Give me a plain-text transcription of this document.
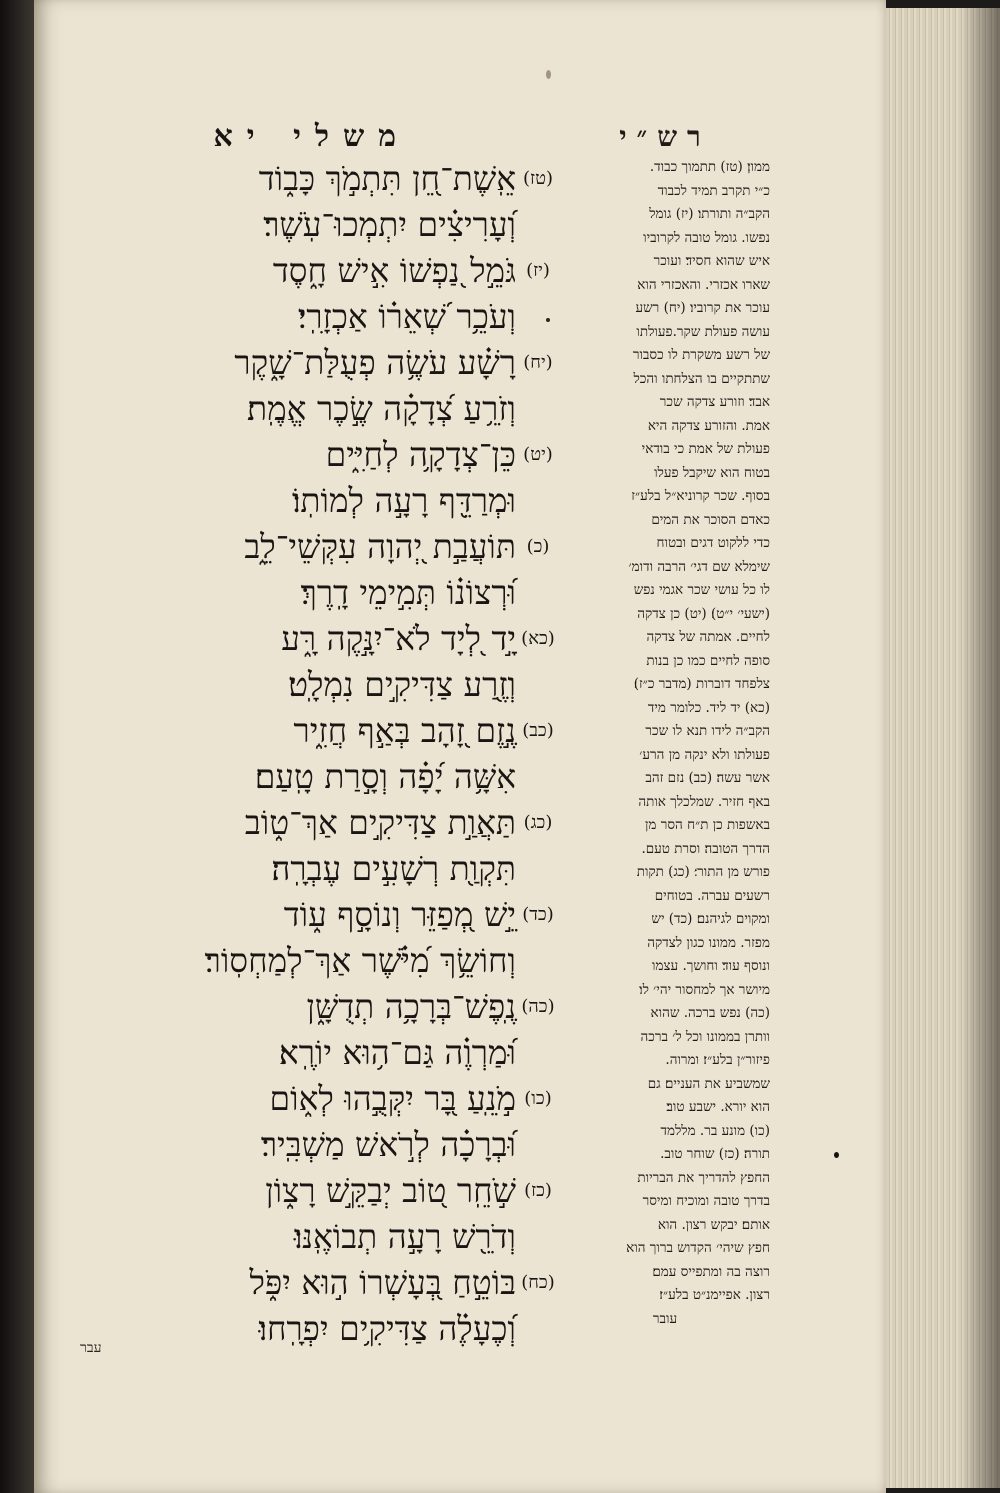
משלי יא
(טז)אֵֽשֶׁת־חֵ֭ן תִּתְמֹ֣ךְ כָּב֑וֹד
וְ֝עָרִיצִ֗ים יִתְמְכוּ־עֹֽשֶׁר׃
(יז)גֹּמֵ֣ל נַ֭פְשׁוֹ אִ֣ישׁ חָ֑סֶד
וְעֹכֵ֥ר שְׁ֝אֵר֗וֹ אַכְזָרִֽי׃
(יח)רָשָׁ֗ע עֹשֶׂ֥ה פְעֻלַּת־שָׁ֑קֶר
וְזֹרֵ֥עַ צְ֝דָקָ֗ה שֶׂ֣כֶר אֱמֶֽת׃
(יט)כֵּן־צְדָקָ֥ה לְחַיִּ֑ים
וּמְרַדֵּ֖ף רָעָ֣ה לְמוֹתֽוֹ׃
(כ)תּוֹעֲבַ֣ת יְ֭הוָה עִקְּשֵׁי־לֵ֑ב
וּ֝רְצוֹנ֗וֹ תְּמִ֣ימֵי דָֽרֶךְ׃
(כא)יָ֣ד לְ֭יָד לֹא־יִנָּ֣קֶה רָּ֑ע
וְזֶ֖רַע צַדִּיקִ֣ים נִמְלָֽט׃
(כב)נֶ֣זֶם זָ֭הָב בְּאַ֣ף חֲזִ֑יר
אִשָּׁ֥ה יָ֝פָ֗ה וְסָ֣רַת טָֽעַם׃
(כג)תַּאֲוַ֣ת צַדִּיקִ֣ים אַךְ־ט֑וֹב
תִּקְוַ֖ת רְשָׁעִ֣ים עֶבְרָֽה׃
(כד)יֵ֣שׁ מְ֭פַזֵּר וְנוֹסָ֣ף ע֑וֹד
וְחוֹשֵׂ֥ךְ מִ֝יֹּ֗שֶׁר אַךְ־לְמַחְסֽוֹר׃
(כה)נֶֽפֶשׁ־בְּרָכָ֥ה תְדֻשָּׁ֑ן
וּ֝מַרְוֶ֗ה גַּם־ה֥וּא יוֹרֶֽא׃
(כו)מֹ֣נֵֽעַ בָּ֭ר יִקְּבֻ֣הוּ לְא֑וֹם
וּ֝בְרָכָ֗ה לְרֹ֣אשׁ מַשְׁבִּֽיר׃
(כז)שֹׁ֣חֵֽר ט֭וֹב יְבַקֵּ֣שׁ רָצ֑וֹן
וְדֹרֵ֖שׁ רָעָ֣ה תְבוֹאֶֽנּוּ׃
(כח)בּוֹטֵ֣חַ בְּ֭עָשְׁרוֹ ה֣וּא יִפֹּ֑ל
וְ֝כֶעָלֶ֗ה צַדִּיקִ֥ים יִפְרָֽחוּ׃
רש״י
ממון׃ (טז) תתמוך כבוד.
כ״י תקרב תמיד לכבוד
הקב״ה ותורתו׃ (יז) גומל
נפשו. גומל טובה לקרוביו
איש שהוא חסיד׃ ועוכר
שארו אכזרי. והאכזרי הוא
עוכר את קרוביו׃ (יח) רשע
עושה פעולת שקר.פעולתו
של רשע משקרת לו כסבור
שתתקיים בו הצלחתו והכל
אבד׃ וזורע צדקה שכר
אמת. והזורע צדקה היא
פעולת של אמת כי בודאי
בטוח הוא שיקבל פעלו
בסוף. שכר קרוניא״ל בלע״ז
כאדם הסוכר את המים
כדי ללקוט דגים ובטוח
שימלא שם דגי׳ הרבה ודומ׳
לו כל עושי שכר אגמי נפש
(ישעי׳ י״ט)׃ (יט) כן צדקה
לחיים. אמתה של צדקה
סופה לחיים כמו כן בנות
צלפחד דוברות (מדבר כ״ז)׃
(כא) יד ליד. כלומר מיד
הקב״ה לידו תנא לו שכר
פעולתו ולא ינקה מן הרע׳
אשר עשה׃ (כב) נזם זהב
באף חזיר. שמלכלך אותה
באשפות כן ת״ח הסר מן
הדרך הטובה׃ וסרת טעם.
פורש מן התור׳׃ (כג) תקות
רשעים עברה. בטוחים
ומקוים לגיהנם׃ (כד) יש
מפזר. ממונו כגון לצדקה
ונוסף עוד׃ וחושך. עצמו
מיושר אך למחסור יהי׳ לו׃
(כה) נפש ברכה. שהוא
וותרן בממונו וכל ל׳ ברכה
פיזור״ן בלע״ז׃ ומרוה.
שמשביע את העניים׃ גם
הוא יורא. ישבע טוב׃
(כו) מונע בר. מללמד
תורה׃ (כז) שוחר טוב.
החפץ להדריך את הבריות
בדרך טובה ומוכיח ומיסר
אותם׃ יבקש רצון. הוא
חפץ שיהי׳ הקדוש ברוך הוא
רוצה בה ומתפייס עמם׃
רצון. אפיימנ״ט בלע״ז׃
עובר
עבר
